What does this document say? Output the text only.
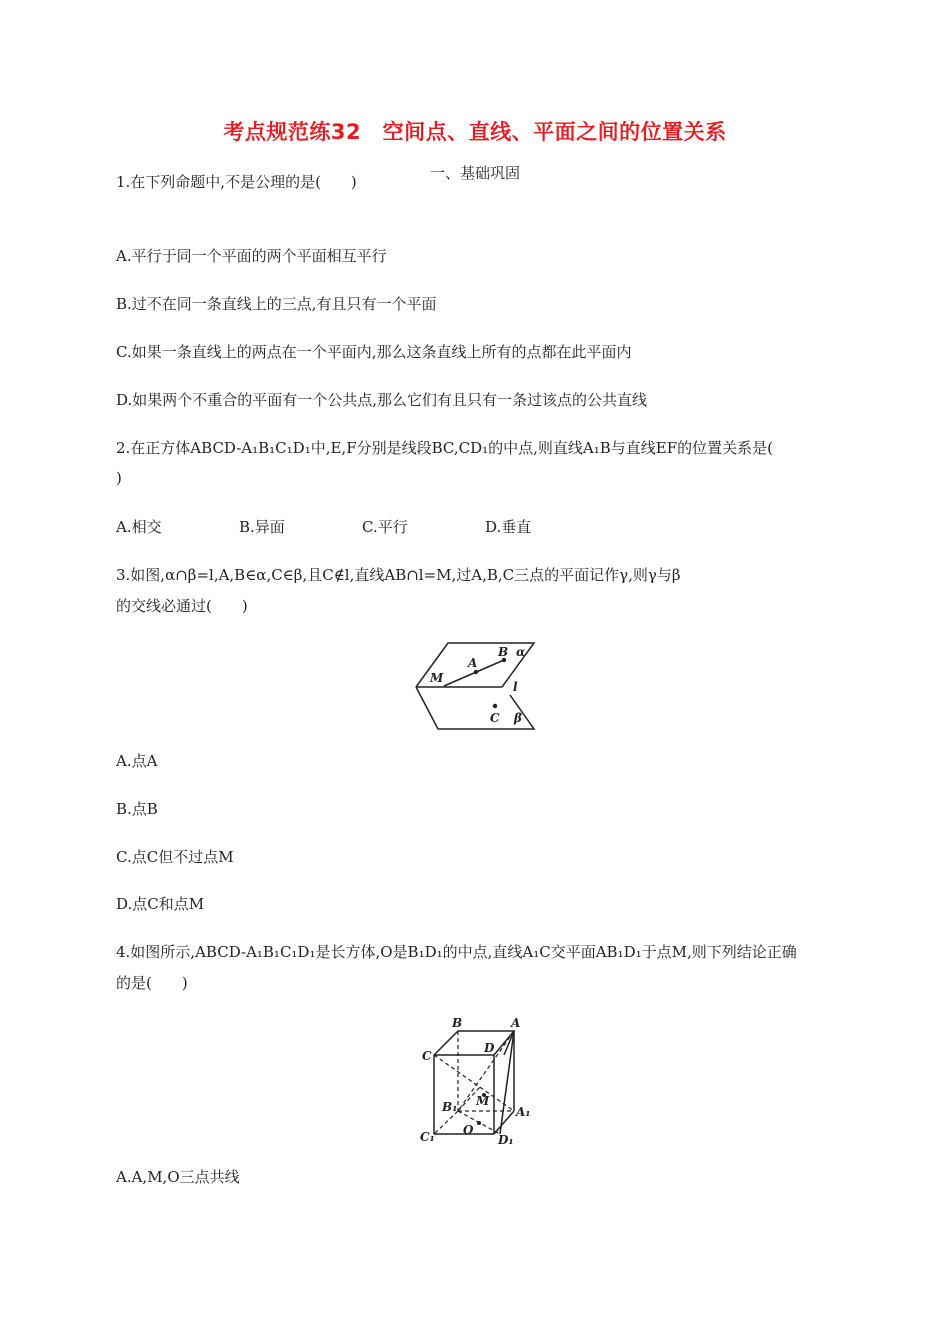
考点规范练32　空间点、直线、平面之间的位置关系
一、基础巩固
1.在下列命题中,不是公理的是(　　)
A.平行于同一个平面的两个平面相互平行
B.过不在同一条直线上的三点,有且只有一个平面
C.如果一条直线上的两点在一个平面内,那么这条直线上所有的点都在此平面内
D.如果两个不重合的平面有一个公共点,那么它们有且只有一条过该点的公共直线
2.在正方体ABCD-A₁B₁C₁D₁中,E,F分别是线段BC,CD₁的中点,则直线A₁B与直线EF的位置关系是(
)
A.相交	B.异面	C.平行	D.垂直
3.如图,α∩β=l,A,B∈α,C∈β,且C∉l,直线AB∩l=M,过A,B,C三点的平面记作γ,则γ与β
的交线必通过(　　)
A
B α
M
l
C β
A.点A
B.点B
C.点C但不过点M
D.点C和点M
4.如图所示,ABCD-A₁B₁C₁D₁是长方体,O是B₁D₁的中点,直线A₁C交平面AB₁D₁于点M,则下列结论正确
的是(　　)
B	A
C
D
B₁	A₁
M
O
C₁	D₁
A.A,M,O三点共线
